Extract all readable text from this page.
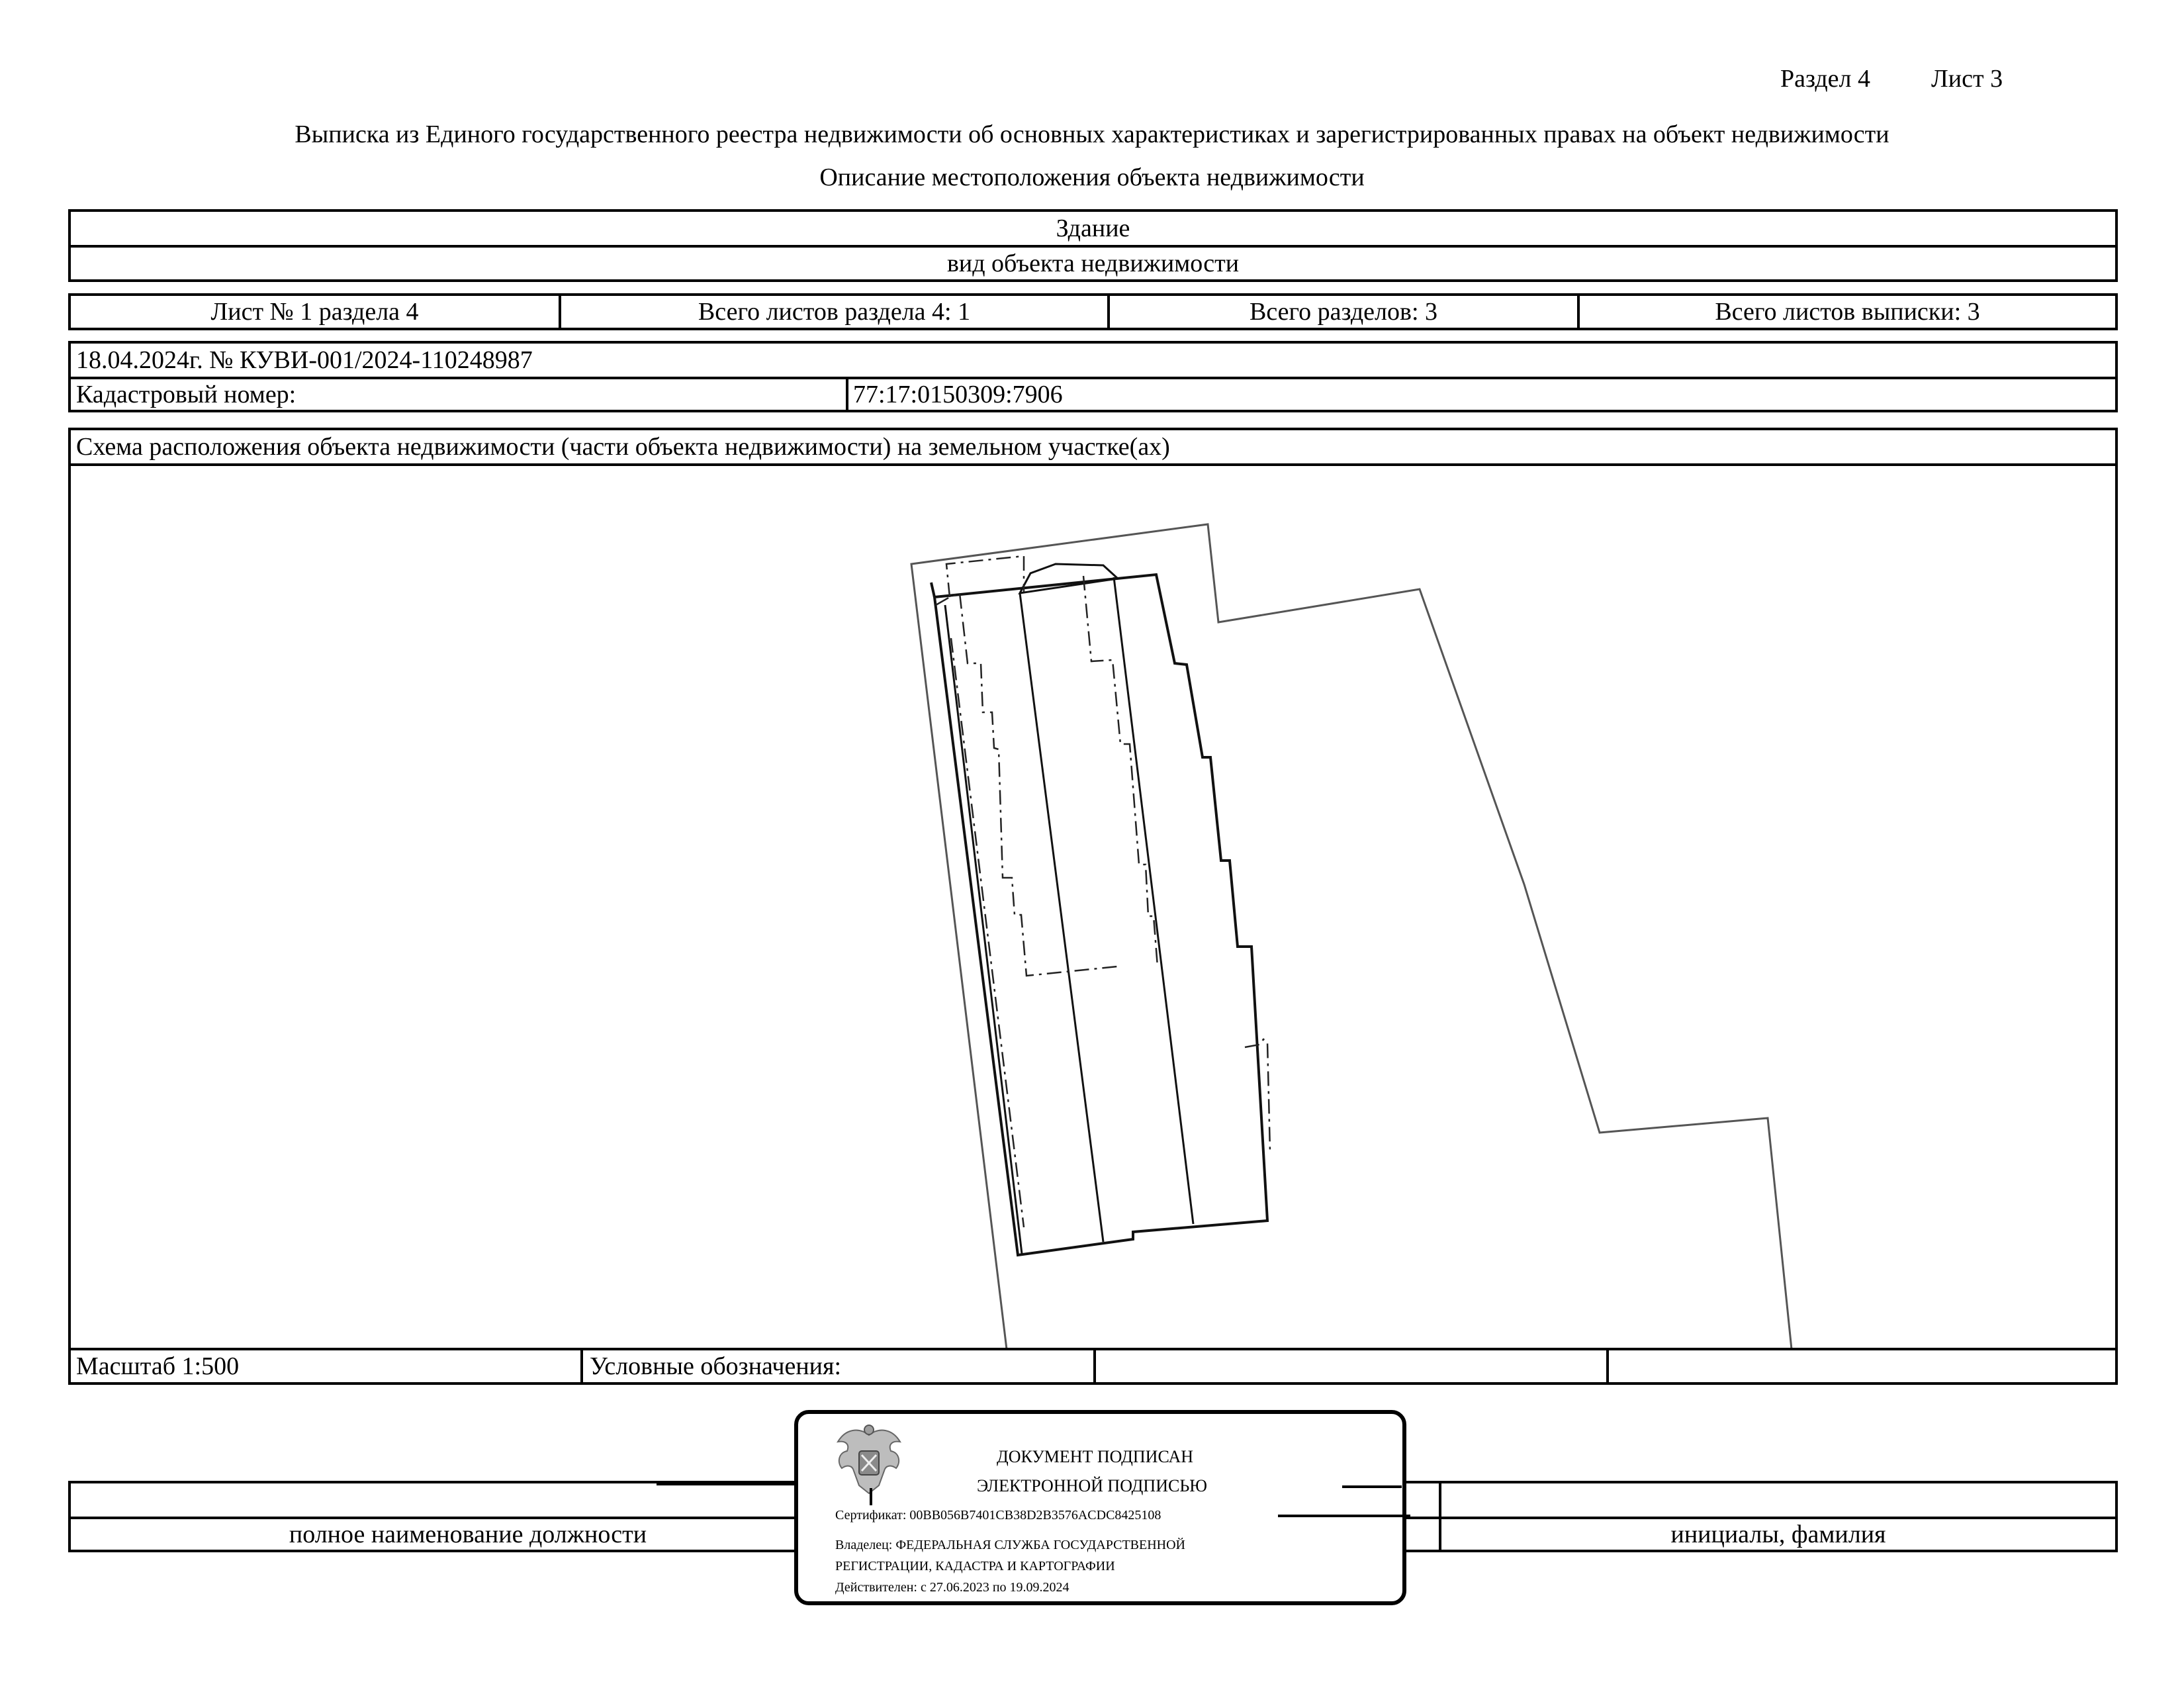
Раздел 4 Лист 3
Выписка из Единого государственного реестра недвижимости об основных характеристиках и зарегистрированных правах на объект недвижимости
Описание местоположения объекта недвижимости
Здание
вид объекта недвижимости
Лист № 1 раздела 4	Всего листов раздела 4: 1	Всего разделов: 3	Всего листов выписки: 3
18.04.2024г. № КУВИ-001/2024-110248987
Кадастровый номер:	77:17:0150309:7906
Схема расположения объекта недвижимости (части объекта недвижимости) на земельном участке(ах)
Масштаб 1:500	Условные обозначения:
полное наименование должности	инициалы, фамилия
ДОКУМЕНТ ПОДПИСАН
ЭЛЕКТРОННОЙ ПОДПИСЬЮ
Сертификат: 00BB056B7401CB38D2B3576ACDC8425108
Владелец: ФЕДЕРАЛЬНАЯ СЛУЖБА ГОСУДАРСТВЕННОЙ
РЕГИСТРАЦИИ, КАДАСТРА И КАРТОГРАФИИ
Действителен: с 27.06.2023 по 19.09.2024
